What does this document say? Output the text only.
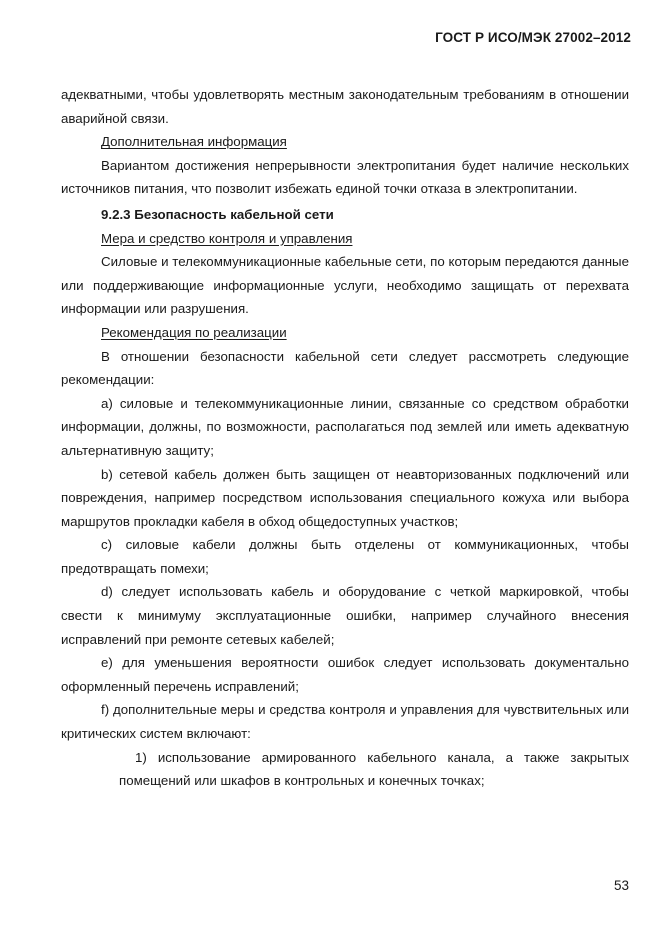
ГОСТ Р ИСО/МЭК 27002–2012

адекватными, чтобы удовлетворять местным законодательным требованиям в отношении аварийной связи.

Дополнительная информация

Вариантом достижения непрерывности электропитания будет наличие нескольких источников питания, что позволит избежать единой точки отказа в электропитании.

9.2.3 Безопасность кабельной сети

Мера и средство контроля и управления

Силовые и телекоммуникационные кабельные сети, по которым передаются данные или поддерживающие информационные услуги, необходимо защищать от перехвата информации или разрушения.

Рекомендация по реализации

В отношении безопасности кабельной сети следует рассмотреть следующие рекомендации:

a) силовые и телекоммуникационные линии, связанные со средством обработки информации, должны, по возможности, располагаться под землей или иметь адекватную альтернативную защиту;

b) сетевой кабель должен быть защищен от неавторизованных подключений или повреждения, например посредством использования специального кожуха или выбора маршрутов прокладки кабеля в обход общедоступных участков;

c) силовые кабели должны быть отделены от коммуникационных, чтобы предотвращать помехи;

d) следует использовать кабель и оборудование с четкой маркировкой, чтобы свести к минимуму эксплуатационные ошибки, например случайного внесения исправлений при ремонте сетевых кабелей;

e) для уменьшения вероятности ошибок следует использовать документально оформленный перечень исправлений;

f) дополнительные меры и средства контроля и управления для чувствительных или критических систем включают:

1) использование армированного кабельного канала, а также закрытых помещений или шкафов в контрольных и конечных точках;

53
